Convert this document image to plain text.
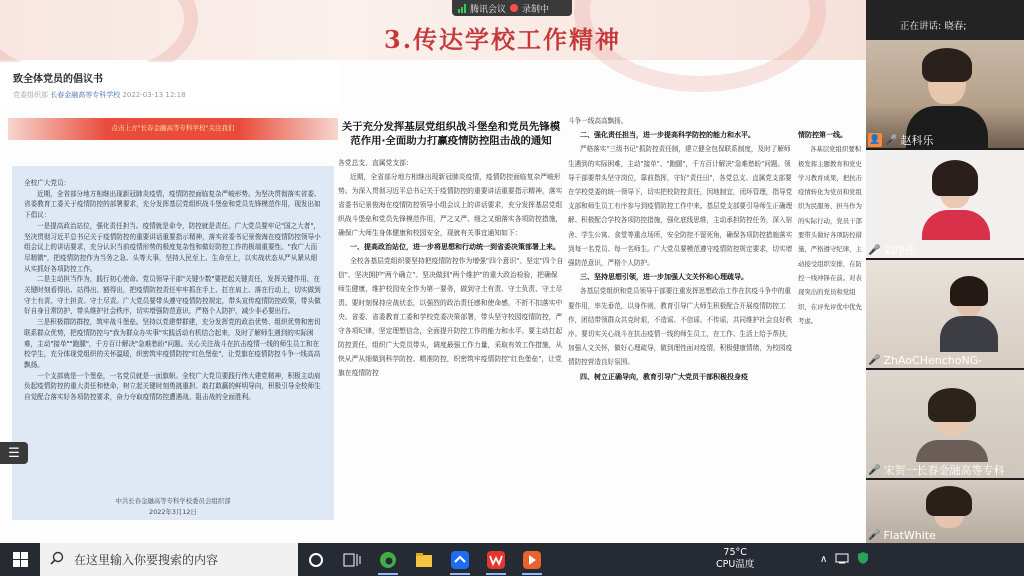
3.传达学校工作精神
致全体党员的倡议书
党委组织部 长春金融高等专科学校 2022-03-13 12:18
点击上方"长春金融高等专科学校"关注我们

全校广大党员：

近期，全省部分地方相继出现新冠肺炎疫情，疫情防控面临复杂严峻形势。为坚决贯彻落实省委、省委教育工委关于疫情防控的部署要求，充分发挥基层党组织战斗堡垒和党员先锋模范作用，现发出如下倡议：

一是提高政治站位，强化责任担当。疫情就是命令，防控就是责任。广大党员要牢记"国之大者"，坚决贯彻习近平总书记关于疫情防控的重要讲话重要指示精神，落实省委书记景俊海在疫情防控领导小组会议上的讲话要求，充分认识当前疫情形势的极度复杂性和做好防控工作的极端重要性。"我广大而尽精微"，把疫情防控作为当务之急、头等大事，坚持人民至上、生命至上，以实战状态从严从紧从细从实抓好各项防控工作。

二是主动担当作为，践行初心使命。党员领导干部"关键少数"要把起关键责任，发挥关键作用，在关键时刻看得出、站得出、豁得出，把疫情防控责任牢牢抓在手上、扛在肩上、落在行动上，切实做到守土有责、守土担责、守土尽责。广大党员要带头遵守疫情防控规定，带头宣传疫情防控政策，带头做好自身日常防护，带头维护社会秩序，切实增强防范意识，严格个人防护，减少非必要出行。

三是积极群防群控，筑牢战斗堡垒。坚持以党建带群建，充分发挥党的政治优势、组织优势和密切联系群众优势，把疫情防控与"我为群众办实事"实践活动有机结合起来，及时了解师生遇到的实际困难，主动"接单""跑腿"，千方百计解决"急难愁盼"问题。关心关注战斗在抗击疫情一线的师生员工和在校学生，充分体现党组织的关怀温暖，织密筑牢疫情防控"红色堡垒"，让党旗在疫情防控斗争一线高高飘扬。

一个支部就是一个堡垒，一名党员就是一面旗帜。全校广大党员要践行伟大建党精神，积极主动肩负起疫情防控的重大责任和使命，树立起关键时刻勇挑重担、敢打敢赢的鲜明导向，积极引导全校师生自觉配合落实好各项防控要求，奋力夺取疫情防控遭遇战、阻击战的全面胜利。

中共长春金融高等专科学校委员会组织部
2022年3月12日
关于充分发挥基层党组织战斗堡垒和党员先锋模范作用·全面助力打赢疫情防控阻击战的通知
各党总支、直属党支部：

近期，全省部分地方相继出现新冠肺炎疫情，疫情防控面临复杂严峻形势。为深入贯彻习近平总书记关于疫情防控的重要讲话重要指示精神，落实省委书记景俊海在疫情防控领导小组会议上的讲话要求，充分发挥基层党组织战斗堡垒和党员先锋模范作用，严之又严、细之又细落实各项防控措施，确保广大师生身体健康和校园安全，现就有关事宜通知如下：

一、提高政治站位，进一步将思想和行动统一到省委决策部署上来。

全校各基层党组织要坚持把疫情防控作为增强"四个意识"、坚定"四个自信"、坚决拥护"两个确立"、坚决做到"两个维护"的重大政治检验，把确保师生健康、维护校园安全作为第一要务，做到守土有责、守土负责、守土尽责。要时刻保持应战状态，以强烈的政治责任感和使命感，不折不扣落实中央、省委、省委教育工委和学校党委决策部署，带头坚守校园疫情防控，严守各项纪律，坚定理想信念，全面提升防控工作的能力和水平。要主动扛起防控责任，组织广大党员带头，调度最强工作力量，采取有效工作措施，从快从严从细做到科学防控、精准防控，织密筑牢疫情防控"红色堡垒"，让党旗在疫情防控

斗争一线高高飘扬。

二、强化责任担当，进一步提高科学防控的能力和水平。

严格落实"三级书记"抓防控责任制，建立健全包保联系制度，及时了解师生遇到的实际困难，主动"接单"、"跑腿"，千方百计解决"急难愁盼"问题。领导干部要带头坚守岗位，靠前指挥，守好"责任田"，各党总支、直属党支部要在学校党委的统一领导下，切实把校防控责任，因地制宜，闭环管理，指导党支部和师生员工有序参与到疫情防控工作中来。基层党支部要引导师生正确理解、积极配合学校各项防控措施，强化底线思维，主动承担防控任务，深入宿舍、学生公寓、食堂等重点场所，安全防控不留死角，确保各项防控措施落实到每一名党员、每一名师生。广大党员要模范遵守疫情防控规定要求，切实增强防范意识，严格个人防护。

三、坚持思想引领，进一步加强人文关怀和心理疏导。

各基层党组织和党员领导干部要注重发挥思想政治工作在抗疫斗争中的重要作用，率先垂范，以身作则，教育引导广大师生积极配合开展疫情防控工作，团结带领群众共克时艰，不造谣、不信谣、不传谣，共同维护社会良好秩序。要切实关心战斗在抗击疫情一线的师生员工，在工作、生活上给予帮扶，加强人文关怀，做好心理疏导，做到理性面对疫情，积极健康情绪，为校园疫情防控营造良好氛围。

四、树立正确导向，教育引导广大党员干部积极投身疫

情防控第一线。
各基层党组织要积极发挥主题教育和党史学习教育成果，把抗击疫情转化为党员和党组织为民服务、担当作为的实际行动，党员干部要带头做好各项防控措施，严格遵守纪律，主动接受组织安排，在防控一线冲锋在前。对表现突出的党员和党组织，在评先评优中优先考虑。
☰
腾讯会议 录制中
正在讲话: 晓春;
👤 🎤 赵科乐
🎤 刘净彤
🎤 ZhAoCHenchoNG-
🎤 宋贺一长春金融高等专科
🎤 FlatWhite
在这里输入你要搜索的内容
75°C
CPU温度	∧
